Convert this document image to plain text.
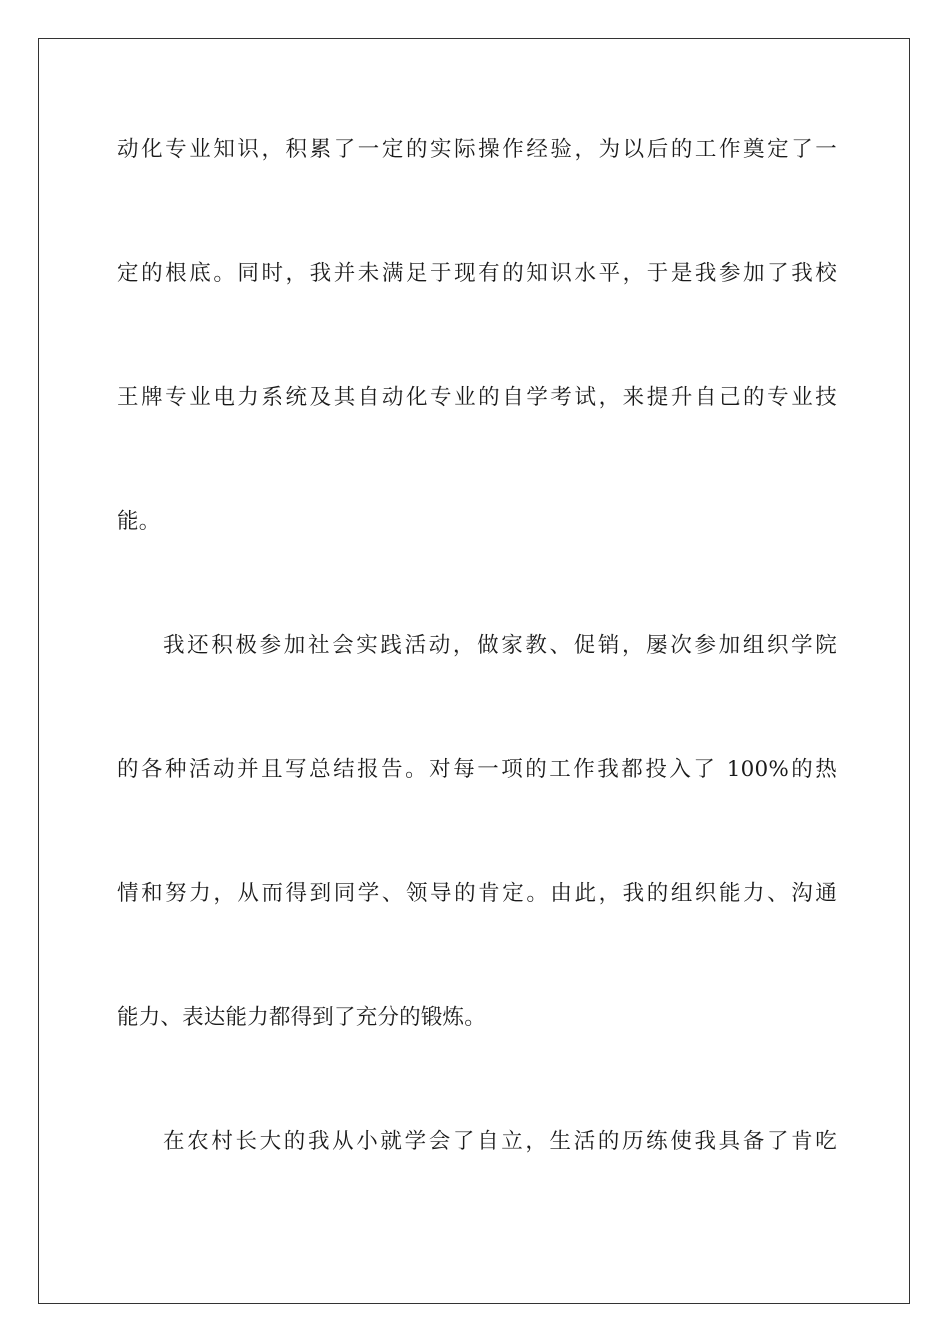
动化专业知识，积累了一定的实际操作经验，为以后的工作奠定了一
定的根底。同时，我并未满足于现有的知识水平，于是我参加了我校
王牌专业电力系统及其自动化专业的自学考试，来提升自己的专业技
能。
我还积极参加社会实践活动，做家教、促销，屡次参加组织学院
的各种活动并且写总结报告。对每一项的工作我都投入了 100%的热
情和努力，从而得到同学、领导的肯定。由此，我的组织能力、沟通
能力、表达能力都得到了充分的锻炼。
在农村长大的我从小就学会了自立，生活的历练使我具备了肯吃
